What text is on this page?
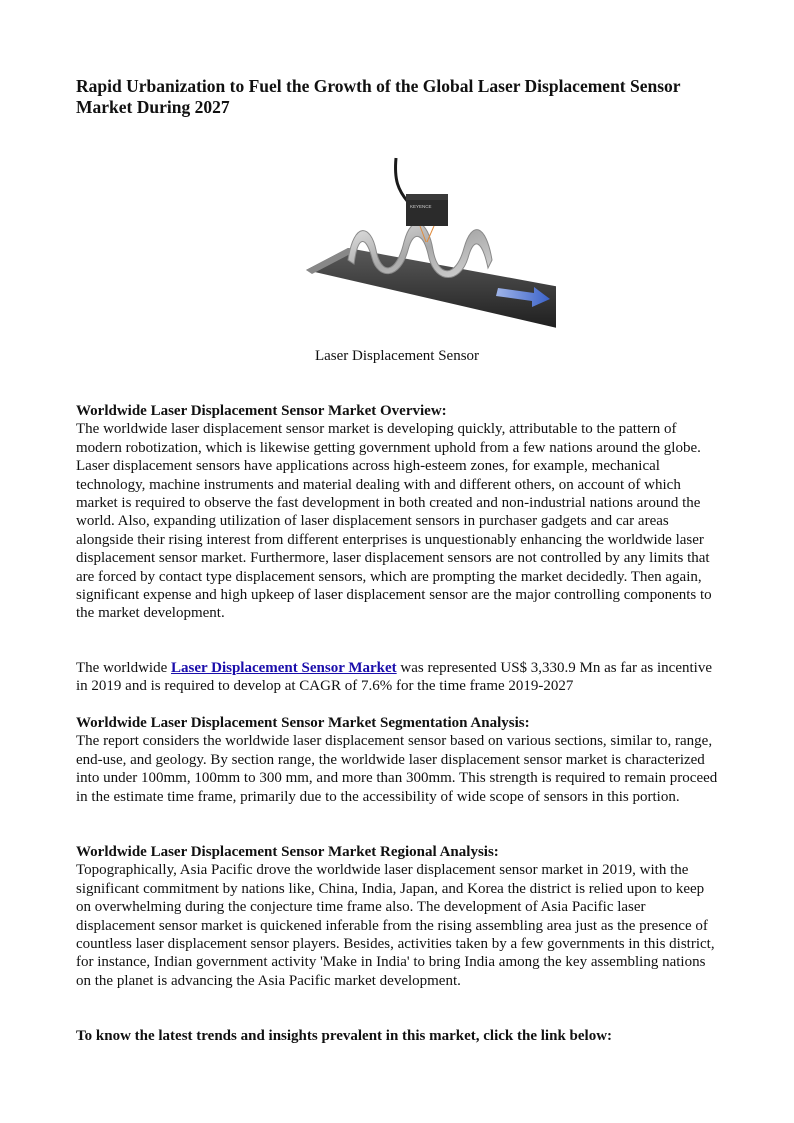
Rapid Urbanization to Fuel the Growth of the Global Laser Displacement Sensor Market During 2027
KEYENCE
Laser Displacement Sensor

Worldwide Laser Displacement Sensor Market Overview:
The worldwide laser displacement sensor market is developing quickly, attributable to the pattern of modern robotization, which is likewise getting government uphold from a few nations around the globe. Laser displacement sensors have applications across high-esteem zones, for example, mechanical technology, machine instruments and material dealing with and different others, on account of which market is required to observe the fast development in both created and non-industrial nations around the world. Also, expanding utilization of laser displacement sensors in purchaser gadgets and car areas alongside their rising interest from different enterprises is unquestionably enhancing the worldwide laser displacement sensor market. Furthermore, laser displacement sensors are not controlled by any limits that are forced by contact type displacement sensors, which are prompting the market decidedly. Then again, significant expense and high upkeep of laser displacement sensor are the major controlling components to the market development.

The worldwide Laser Displacement Sensor Market was represented US$ 3,330.9 Mn as far as incentive in 2019 and is required to develop at CAGR of 7.6% for the time frame 2019-2027

Worldwide Laser Displacement Sensor Market Segmentation Analysis:
The report considers the worldwide laser displacement sensor based on various sections, similar to, range, end-use, and geology. By section range, the worldwide laser displacement sensor market is characterized into under 100mm, 100mm to 300 mm, and more than 300mm. This strength is required to remain proceed in the estimate time frame, primarily due to the accessibility of wide scope of sensors in this portion.

Worldwide Laser Displacement Sensor Market Regional Analysis:
Topographically, Asia Pacific drove the worldwide laser displacement sensor market in 2019, with the significant commitment by nations like, China, India, Japan, and Korea the district is relied upon to keep on overwhelming during the conjecture time frame also. The development of Asia Pacific laser displacement sensor market is quickened inferable from the rising assembling area just as the presence of countless laser displacement sensor players. Besides, activities taken by a few governments in this district, for instance, Indian government activity 'Make in India' to bring India among the key assembling nations on the planet is advancing the Asia Pacific market development.

To know the latest trends and insights prevalent in this market, click the link below:
